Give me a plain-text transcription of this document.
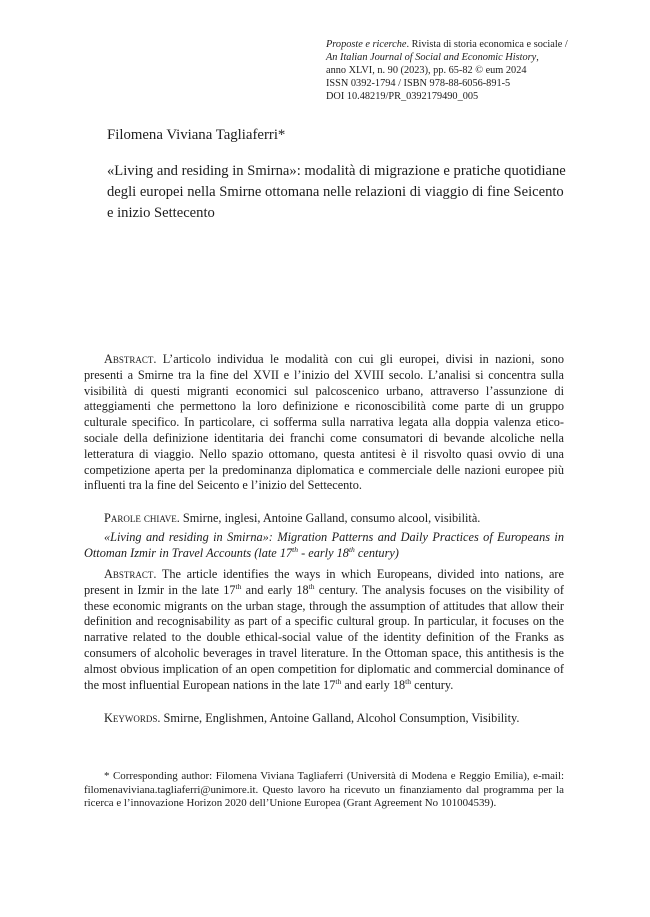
Proposte e ricerche. Rivista di storia economica e sociale /
An Italian Journal of Social and Economic History,
anno XLVI, n. 90 (2023), pp. 65-82 © eum 2024
ISSN 0392-1794 / ISBN 978-88-6056-891-5
DOI 10.48219/PR_0392179490_005
Filomena Viviana Tagliaferri*
«Living and residing in Smirna»: modalità di migrazione e pratiche quotidiane degli europei nella Smirne ottomana nelle relazioni di viaggio di fine Seicento e inizio Settecento

Abstract. L’articolo individua le modalità con cui gli europei, divisi in nazioni, sono presenti a Smirne tra la fine del XVII e l’inizio del XVIII secolo. L’analisi si concentra sulla visibilità di questi migranti economici sul palcoscenico urbano, attraverso l’assunzione di atteggiamenti che permettono la loro definizione e riconoscibilità come parte di un gruppo culturale specifico. In particolare, ci sofferma sulla narrativa legata alla doppia valenza etico-sociale della definizione identitaria dei franchi come consumatori di bevande alcoliche nella letteratura di viaggio. Nello spazio ottomano, questa antitesi è il risvolto quasi ovvio di una competizione aperta per la predominanza diplomatica e commerciale delle nazioni europee più influenti tra la fine del Seicento e l’inizio del Settecento.

Parole chiave. Smirne, inglesi, Antoine Galland, consumo alcool, visibilità.

«Living and residing in Smirna»: Migration Patterns and Daily Practices of Europeans in Ottoman Izmir in Travel Accounts (late 17th - early 18th century)

Abstract. The article identifies the ways in which Europeans, divided into nations, are present in Izmir in the late 17th and early 18th century. The analysis focuses on the visibility of these economic migrants on the urban stage, through the assumption of attitudes that allow their definition and recognisability as part of a specific cultural group. In particular, it focuses on the narrative related to the double ethical-social value of the identity definition of the Franks as consumers of alcoholic beverages in travel literature. In the Ottoman space, this antithesis is the almost obvious implication of an open competition for diplomatic and commercial dominance of the most influential European nations in the late 17th and early 18th century.

Keywords. Smirne, Englishmen, Antoine Galland, Alcohol Consumption, Visibility.

* Corresponding author: Filomena Viviana Tagliaferri (Università di Modena e Reggio Emilia), e-mail: filomenaviviana.tagliaferri@unimore.it. Questo lavoro ha ricevuto un finanziamento dal programma per la ricerca e l’innovazione Horizon 2020 dell’Unione Europea (Grant Agreement No 101004539).
